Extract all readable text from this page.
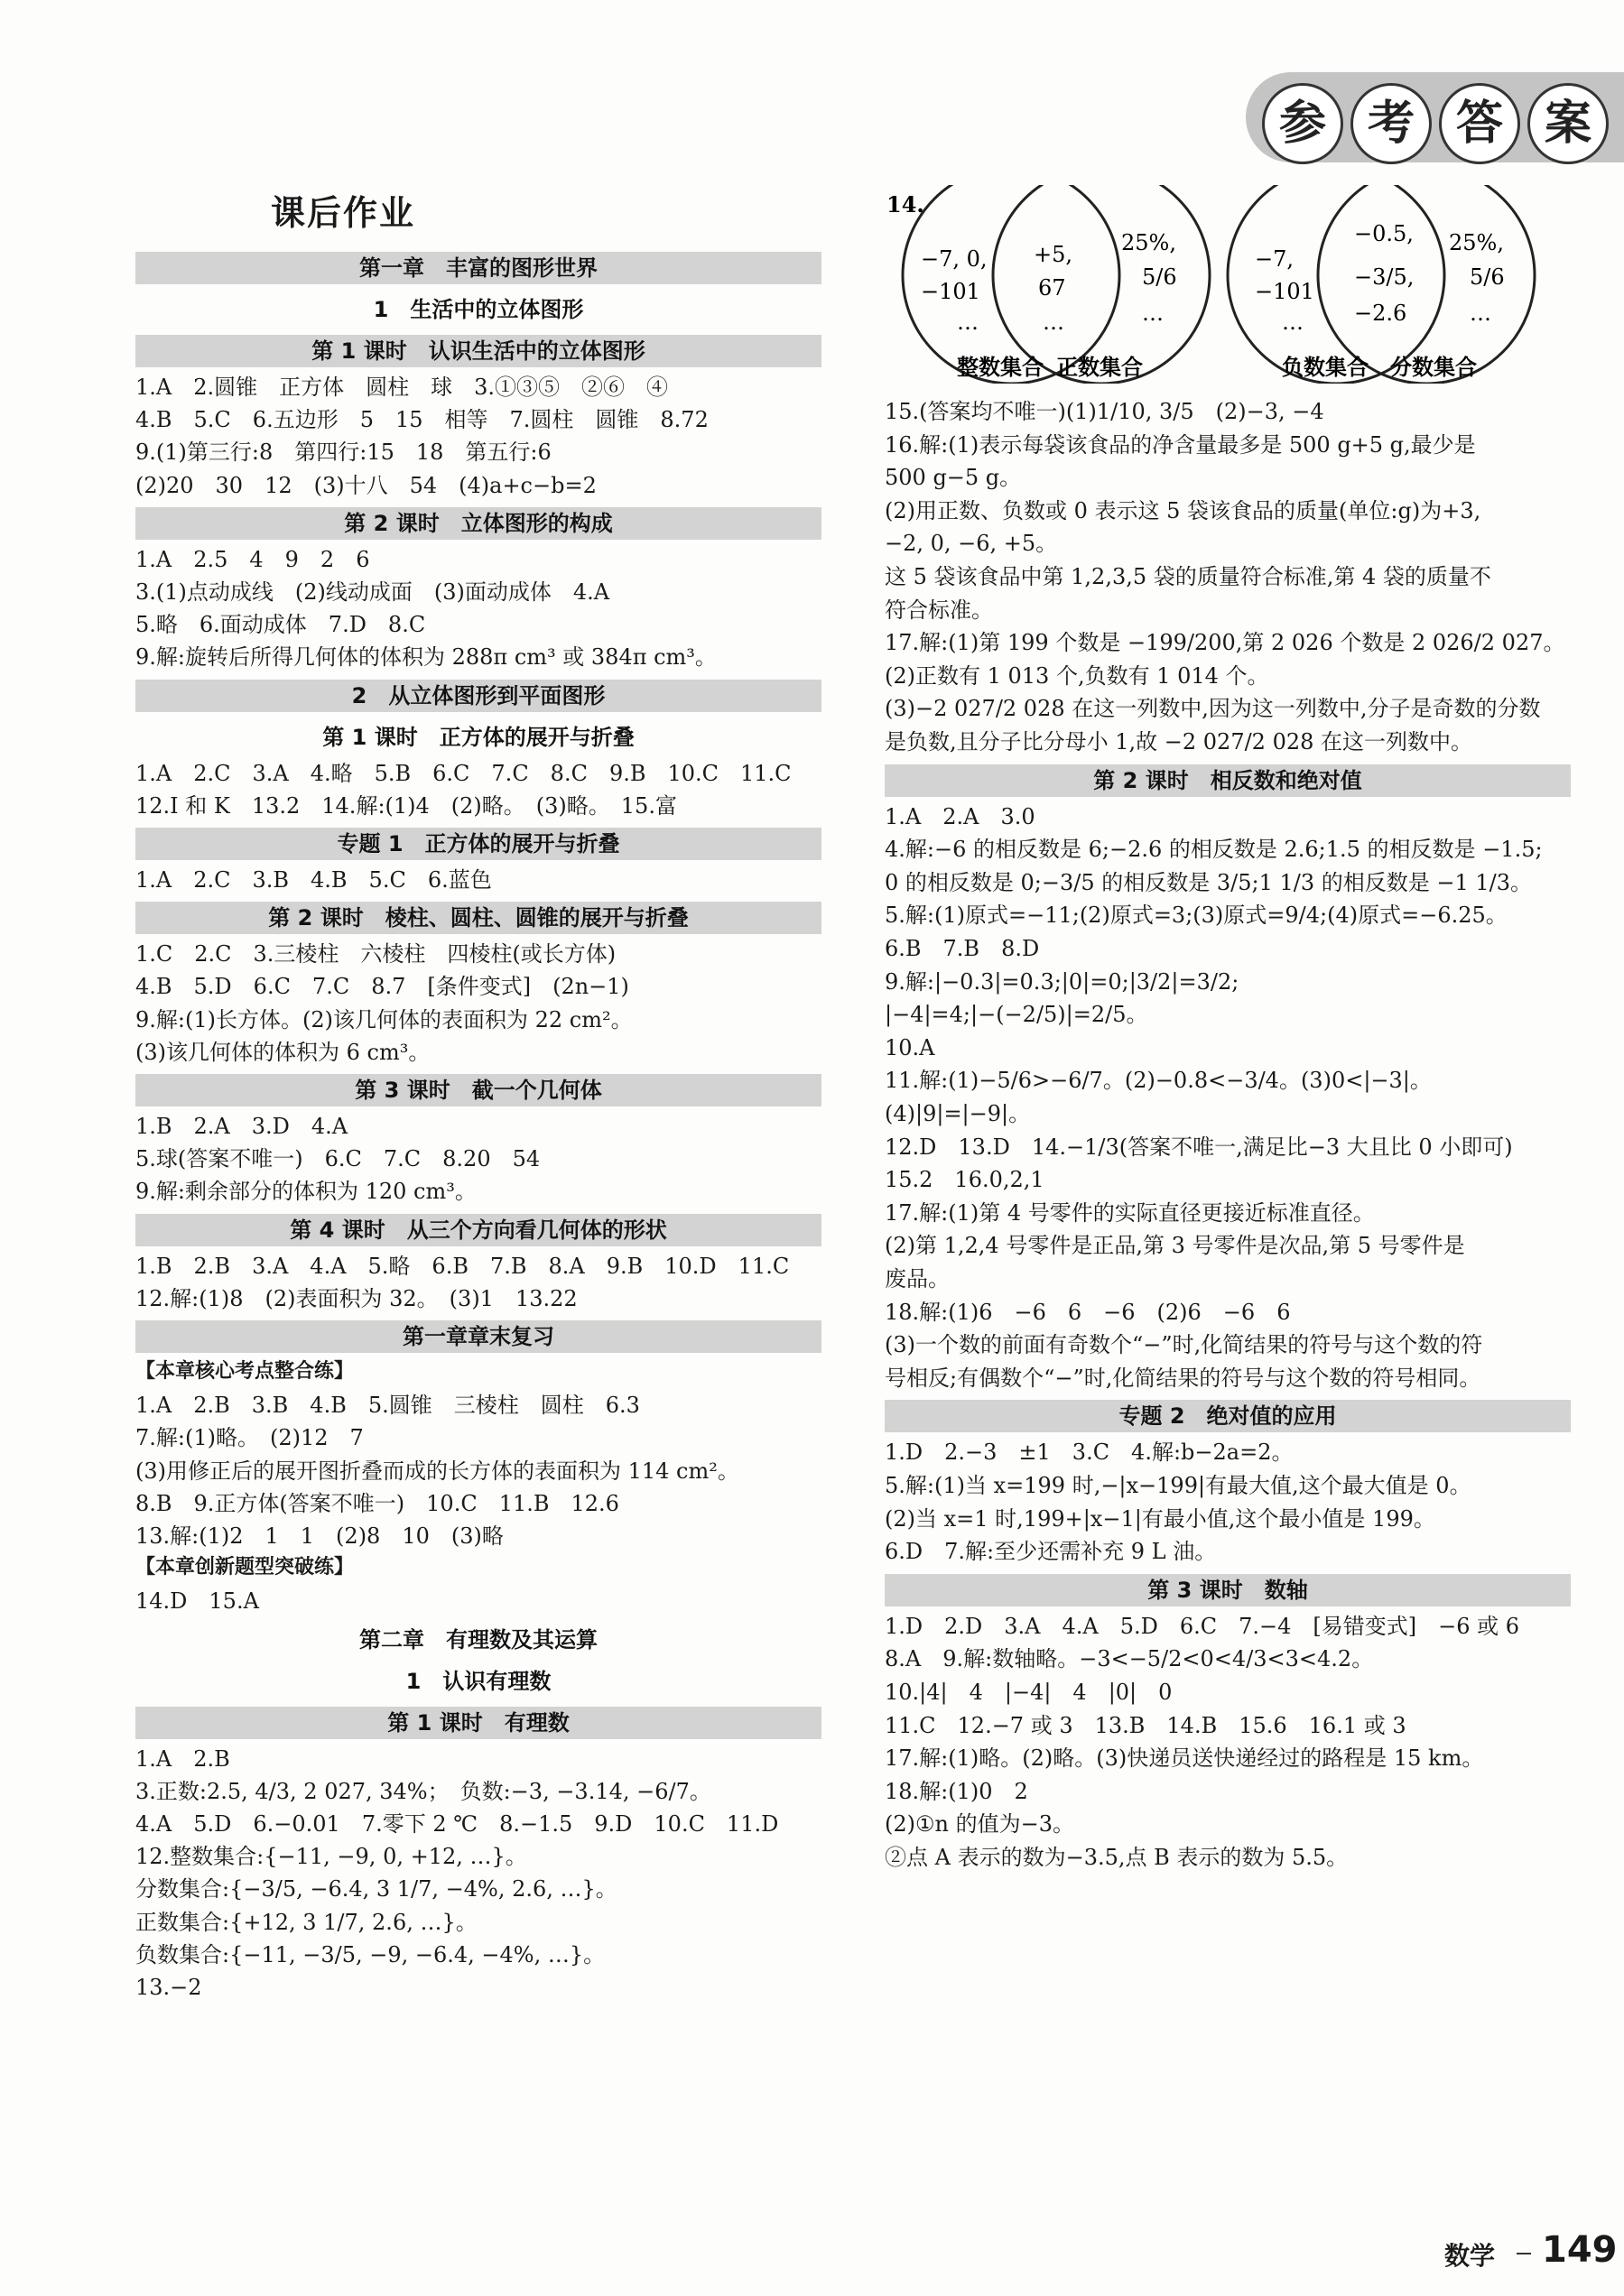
参 考 答 案
课后作业
第一章　丰富的图形世界
1　生活中的立体图形
第 1 课时　认识生活中的立体图形
1.A　2.圆锥　正方体　圆柱　球　3.①③⑤　②⑥　④
4.B　5.C　6.五边形　5　15　相等　7.圆柱　圆锥　8.72
9.(1)第三行:8　第四行:15　18　第五行:6
(2)20　30　12　(3)十八　54　(4)a+c−b=2
第 2 课时　立体图形的构成
1.A　2.5　4　9　2　6
3.(1)点动成线　(2)线动成面　(3)面动成体　4.A
5.略　6.面动成体　7.D　8.C
9.解:旋转后所得几何体的体积为 288π cm³ 或 384π cm³。
2　从立体图形到平面图形
第 1 课时　正方体的展开与折叠
1.A　2.C　3.A　4.略　5.B　6.C　7.C　8.C　9.B　10.C　11.C
12.I 和 K　13.2　14.解:(1)4　(2)略。　(3)略。　15.富
专题 1　正方体的展开与折叠
1.A　2.C　3.B　4.B　5.C　6.蓝色
第 2 课时　棱柱、圆柱、圆锥的展开与折叠
1.C　2.C　3.三棱柱　六棱柱　四棱柱(或长方体)
4.B　5.D　6.C　7.C　8.7　[条件变式]　(2n−1)
9.解:(1)长方体。(2)该几何体的表面积为 22 cm²。
(3)该几何体的体积为 6 cm³。
第 3 课时　截一个几何体
1.B　2.A　3.D　4.A
5.球(答案不唯一)　6.C　7.C　8.20　54
9.解:剩余部分的体积为 120 cm³。
第 4 课时　从三个方向看几何体的形状
1.B　2.B　3.A　4.A　5.略　6.B　7.B　8.A　9.B　10.D　11.C
12.解:(1)8　(2)表面积为 32。　(3)1　13.22
第一章章末复习
【本章核心考点整合练】
1.A　2.B　3.B　4.B　5.圆锥　三棱柱　圆柱　6.3
7.解:(1)略。　(2)12　7
(3)用修正后的展开图折叠而成的长方体的表面积为 114 cm²。
8.B　9.正方体(答案不唯一)　10.C　11.B　12.6
13.解:(1)2　1　1　(2)8　10　(3)略
【本章创新题型突破练】
14.D　15.A
第二章　有理数及其运算
1　认识有理数
第 1 课时　有理数
1.A　2.B
3.正数:2.5, 4/3, 2 027, 34%；　负数:−3, −3.14, −6/7。
4.A　5.D　6.−0.01　7.零下 2 ℃　8.−1.5　9.D　10.C　11.D
12.整数集合:{−11, −9, 0, +12, …}。
分数集合:{−3/5, −6.4, 3 1/7, −4%, 2.6, …}。
正数集合:{+12, 3 1/7, 2.6, …}。
负数集合:{−11, −3/5, −9, −6.4, −4%, …}。
13.−2
14.
−7, 0,
−101
…
+5,
67
…
25%,
5/6
…
整数集合 正数集合
−7,
−101
…
−0.5,
−3/5,
−2.6
25%,
5/6
…
负数集合 分数集合
15.(答案均不唯一)(1)1/10, 3/5　(2)−3, −4
16.解:(1)表示每袋该食品的净含量最多是 500 g+5 g,最少是
500 g−5 g。
(2)用正数、负数或 0 表示这 5 袋该食品的质量(单位:g)为+3,
−2, 0, −6, +5。
这 5 袋该食品中第 1,2,3,5 袋的质量符合标准,第 4 袋的质量不
符合标准。
17.解:(1)第 199 个数是 −199/200,第 2 026 个数是 2 026/2 027。
(2)正数有 1 013 个,负数有 1 014 个。
(3)−2 027/2 028 在这一列数中,因为这一列数中,分子是奇数的分数
是负数,且分子比分母小 1,故 −2 027/2 028 在这一列数中。
第 2 课时　相反数和绝对值
1.A　2.A　3.0
4.解:−6 的相反数是 6;−2.6 的相反数是 2.6;1.5 的相反数是 −1.5;
0 的相反数是 0;−3/5 的相反数是 3/5;1 1/3 的相反数是 −1 1/3。
5.解:(1)原式=−11;(2)原式=3;(3)原式=9/4;(4)原式=−6.25。
6.B　7.B　8.D
9.解:|−0.3|=0.3;|0|=0;|3/2|=3/2;
|−4|=4;|−(−2/5)|=2/5。
10.A
11.解:(1)−5/6>−6/7。(2)−0.8<−3/4。(3)0<|−3|。
(4)|9|=|−9|。
12.D　13.D　14.−1/3(答案不唯一,满足比−3 大且比 0 小即可)
15.2　16.0,2,1
17.解:(1)第 4 号零件的实际直径更接近标准直径。
(2)第 1,2,4 号零件是正品,第 3 号零件是次品,第 5 号零件是
废品。
18.解:(1)6　−6　6　−6　(2)6　−6　6
(3)一个数的前面有奇数个“−”时,化简结果的符号与这个数的符
号相反;有偶数个“−”时,化简结果的符号与这个数的符号相同。
专题 2　绝对值的应用
1.D　2.−3　±1　3.C　4.解:b−2a=2。
5.解:(1)当 x=199 时,−|x−199|有最大值,这个最大值是 0。
(2)当 x=1 时,199+|x−1|有最小值,这个最小值是 199。
6.D　7.解:至少还需补充 9 L 油。
第 3 课时　数轴
1.D　2.D　3.A　4.A　5.D　6.C　7.−4　[易错变式]　−6 或 6
8.A　9.解:数轴略。−3<−5/2<0<4/3<3<4.2。
10.|4|　4　|−4|　4　|0|　0
11.C　12.−7 或 3　13.B　14.B　15.6　16.1 或 3
17.解:(1)略。(2)略。(3)快递员送快递经过的路程是 15 km。
18.解:(1)0　2
(2)①n 的值为−3。
②点 A 表示的数为−3.5,点 B 表示的数为 5.5。
数学 149
